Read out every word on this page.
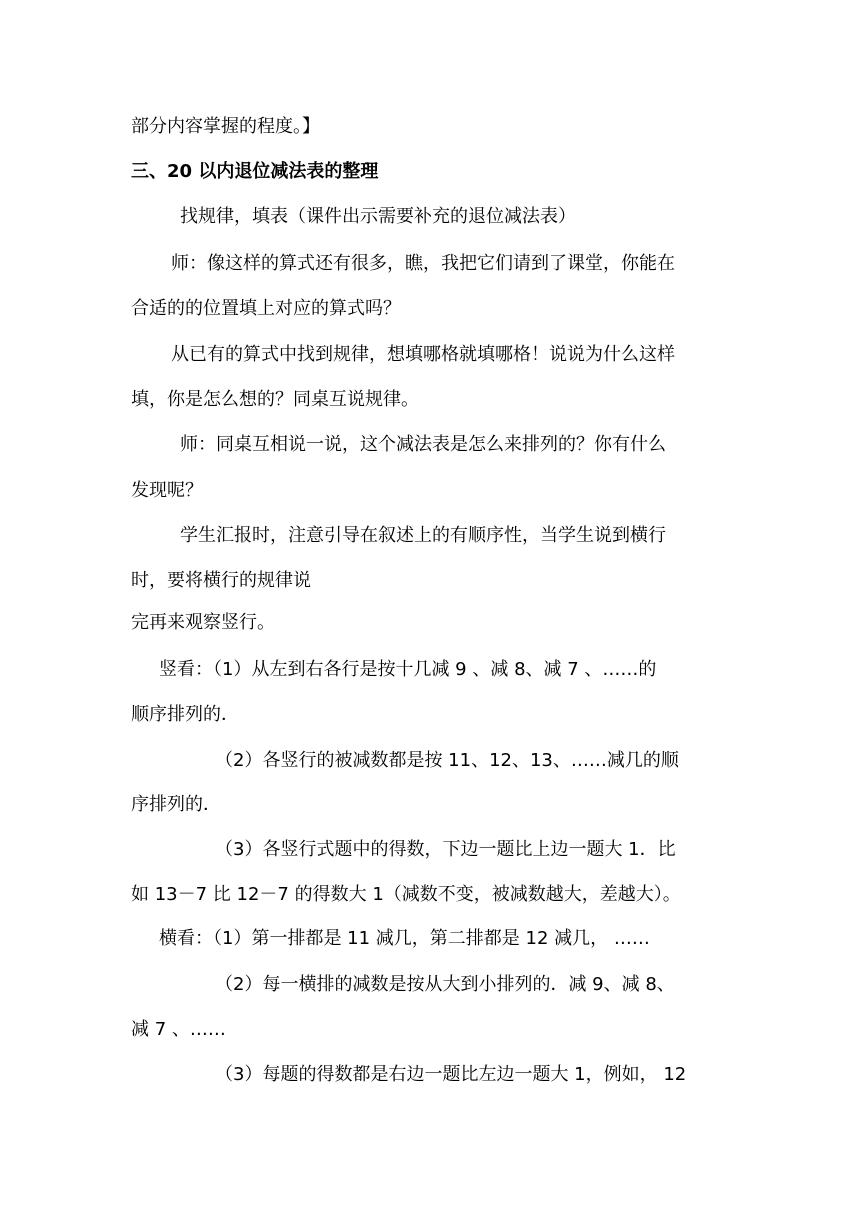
部分内容掌握的程度。】
三、20 以内退位减法表的整理
找规律，填表（课件出示需要补充的退位减法表）
师：像这样的算式还有很多，瞧，我把它们请到了课堂，你能在
合适的的位置填上对应的算式吗？
从已有的算式中找到规律，想填哪格就填哪格！说说为什么这样
填，你是怎么想的？同桌互说规律。
师：同桌互相说一说，这个减法表是怎么来排列的？你有什么
发现呢？
学生汇报时，注意引导在叙述上的有顺序性，当学生说到横行
时，要将横行的规律说
完再来观察竖行。
竖看：（1）从左到右各行是按十几减 9 、减 8、减 7 、……的
顺序排列的．
（2）各竖行的被减数都是按 11、12、13、……减几的顺
序排列的．
（3）各竖行式题中的得数，下边一题比上边一题大 1．比
如 13－7 比 12－7 的得数大 1（减数不变，被减数越大，差越大）。
横看：（1）第一排都是 11 减几，第二排都是 12 减几， ……
（2）每一横排的减数是按从大到小排列的．减 9、减 8、
减 7 、……
（3）每题的得数都是右边一题比左边一题大 1，例如， 12
